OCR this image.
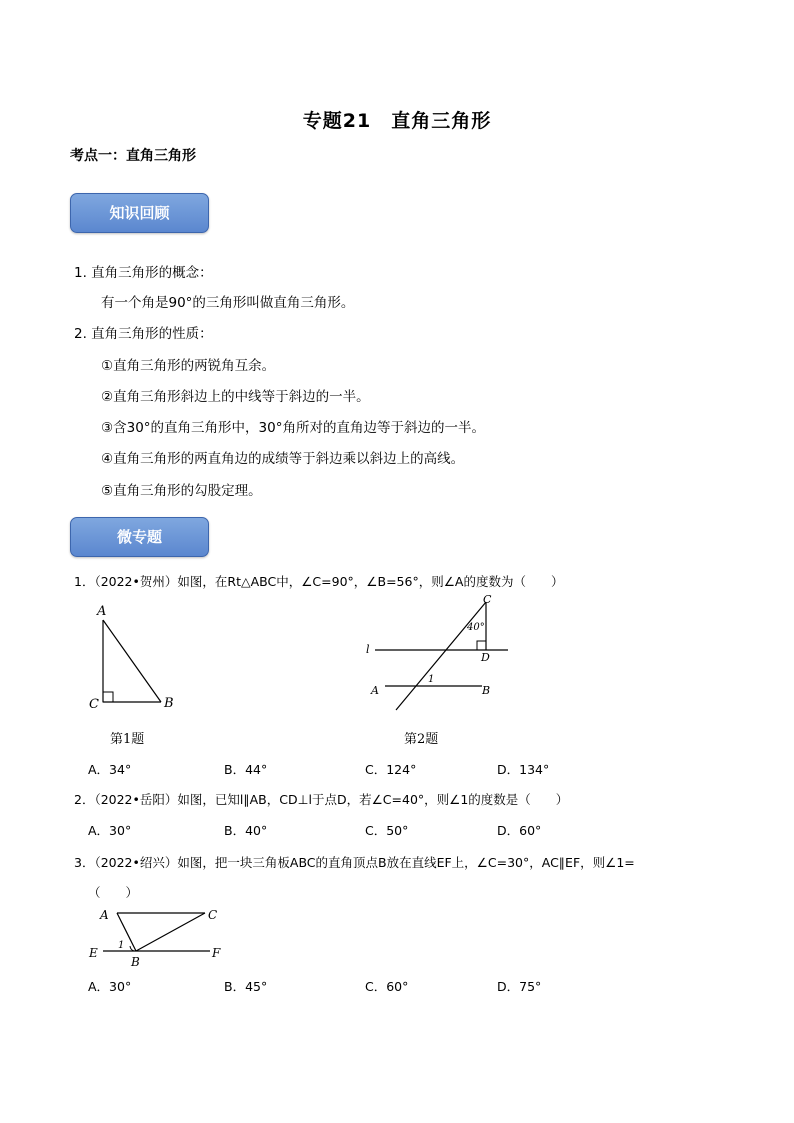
专题21　直角三角形
考点一：直角三角形
知识回顾
1. 直角三角形的概念：
有一个角是90°的三角形叫做直角三角形。
2. 直角三角形的性质：
①直角三角形的两锐角互余。
②直角三角形斜边上的中线等于斜边的一半。
③含30°的直角三角形中，30°角所对的直角边等于斜边的一半。
④直角三角形的两直角边的成绩等于斜边乘以斜边上的高线。
⑤直角三角形的勾股定理。
微专题
1．（2022•贺州）如图，在Rt△ABC中，∠C=90°，∠B=56°，则∠A的度数为（　　）
A
C	B
第1题
C
40°
D
l
A	B
1
第2题
A．34°	B．44°	C．124°	D．134°
2．（2022•岳阳）如图，已知l∥AB，CD⊥l于点D，若∠C=40°，则∠1的度数是（　　）
A．30°	B．40°	C．50°	D．60°
3．（2022•绍兴）如图，把一块三角板ABC的直角顶点B放在直线EF上，∠C=30°，AC∥EF，则∠1=
（　　）
A	C
E	F
B
1
A．30°	B．45°	C．60°	D．75°
